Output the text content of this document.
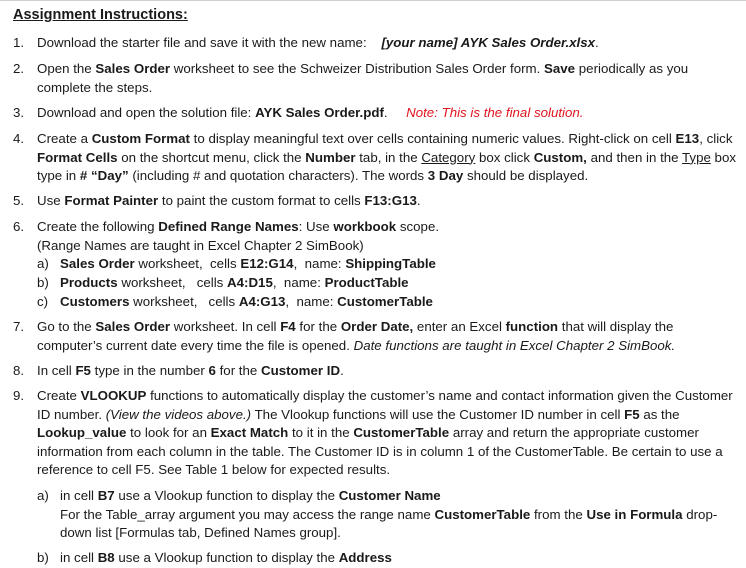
Assignment Instructions:
1. Download the starter file and save it with the new name:    [your name] AYK Sales Order.xlsx.
2. Open the Sales Order worksheet to see the Schweizer Distribution Sales Order form. Save periodically as you complete the steps.
3. Download and open the solution file: AYK Sales Order.pdf. Note: This is the final solution.
4. Create a Custom Format to display meaningful text over cells containing numeric values. Right-click on cell E13, click Format Cells on the shortcut menu, click the Number tab, in the Category box click Custom, and then in the Type box type in # “Day” (including # and quotation characters). The words 3 Day should be displayed.
5. Use Format Painter to paint the custom format to cells F13:G13.
6. Create the following Defined Range Names: Use workbook scope.
(Range Names are taught in Excel Chapter 2 SimBook)
a) Sales Order worksheet,  cells E12:G14,  name: ShippingTable
b) Products worksheet,   cells A4:D15,  name: ProductTable
c) Customers worksheet,   cells A4:G13,  name: CustomerTable
7. Go to the Sales Order worksheet. In cell F4 for the Order Date, enter an Excel function that will display the computer’s current date every time the file is opened. Date functions are taught in Excel Chapter 2 SimBook.
8. In cell F5 type in the number 6 for the Customer ID.
9. Create VLOOKUP functions to automatically display the customer’s name and contact information given the Customer ID number. (View the videos above.) The Vlookup functions will use the Customer ID number in cell F5 as the Lookup_value to look for an Exact Match to it in the CustomerTable array and return the appropriate customer information from each column in the table. The Customer ID is in column 1 of the CustomerTable. Be certain to use a reference to cell F5. See Table 1 below for expected results.
a) in cell B7 use a Vlookup function to display the Customer Name
For the Table_array argument you may access the range name CustomerTable from the Use in Formula drop-down list [Formulas tab, Defined Names group].
b) in cell B8 use a Vlookup function to display the Address
